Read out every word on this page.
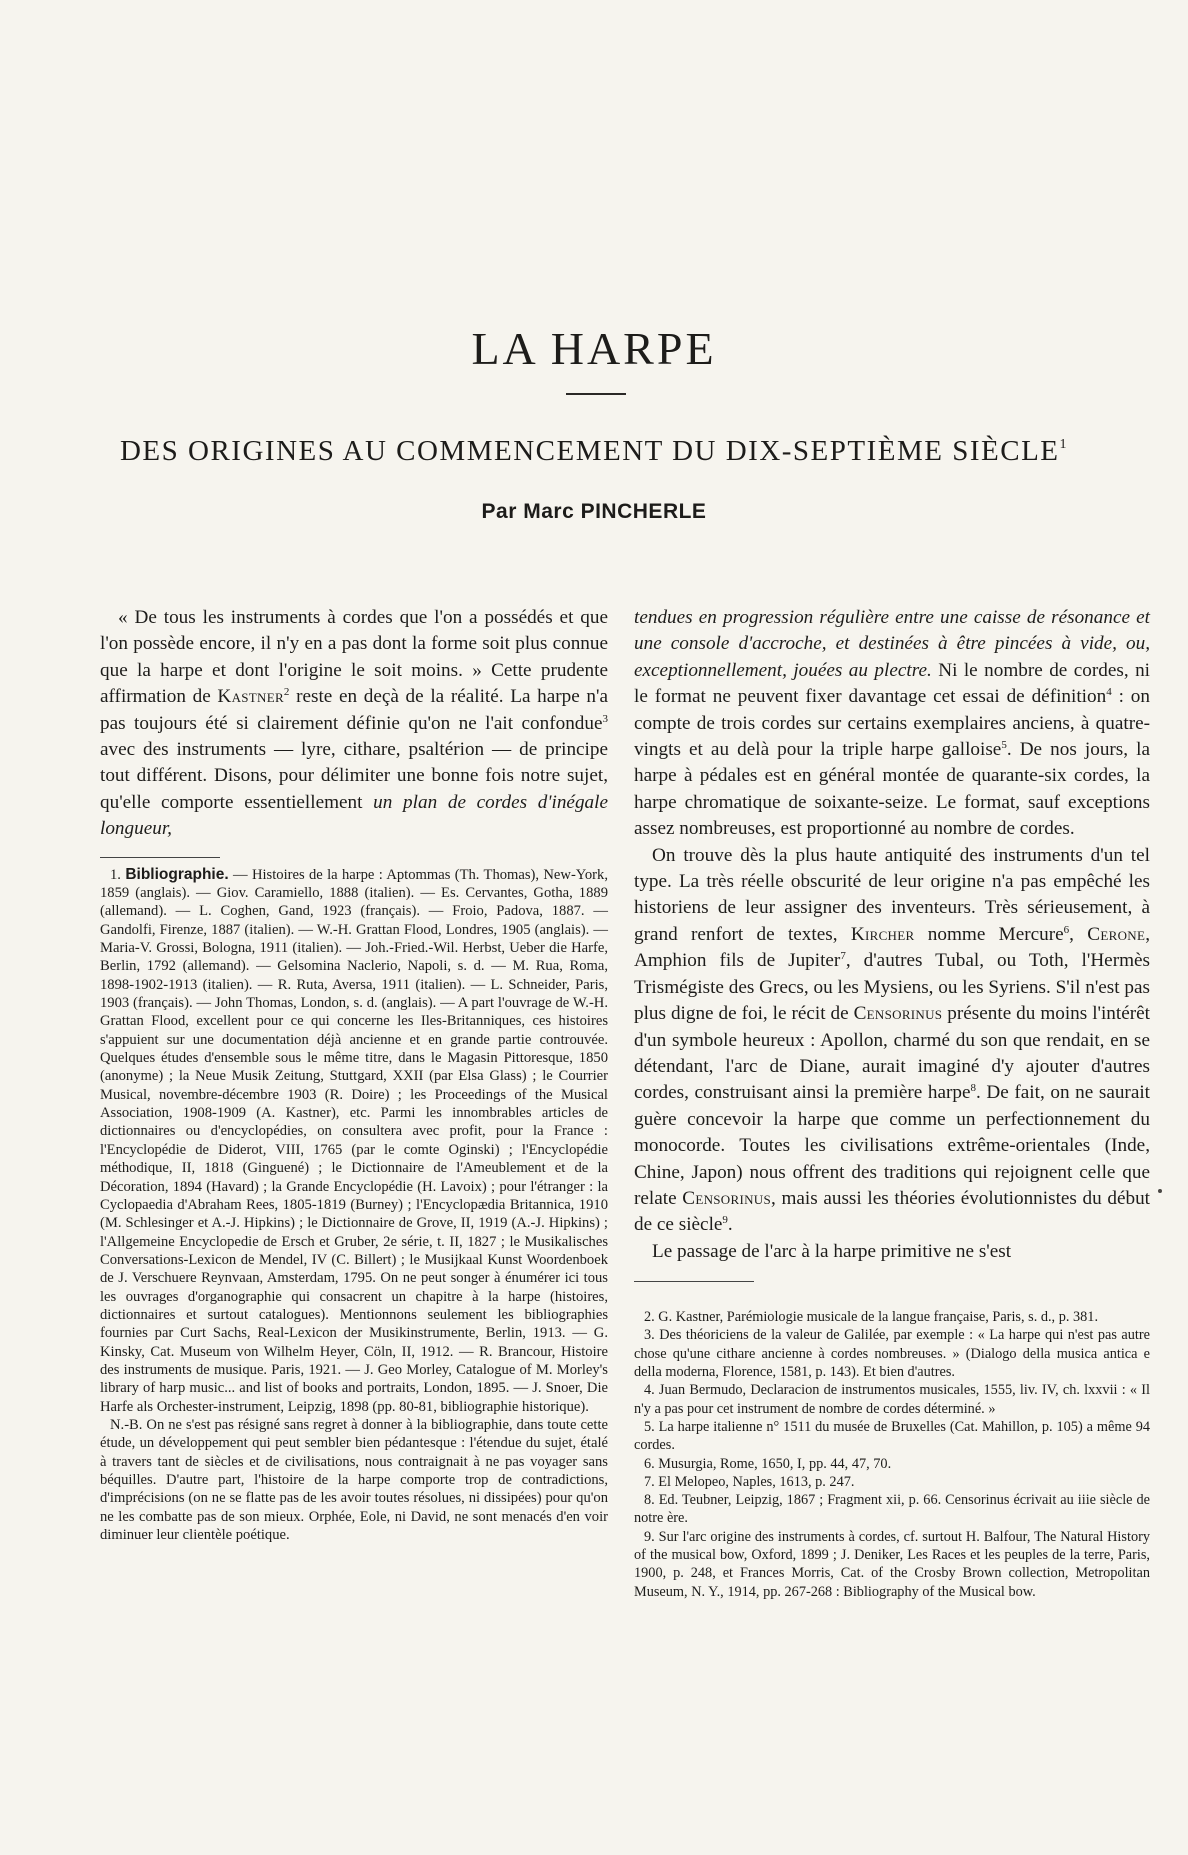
LA HARPE
DES ORIGINES AU COMMENCEMENT DU DIX-SEPTIÈME SIÈCLE$^1$
Par Marc PINCHERLE

« De tous les instruments à cordes que l'on a possédés et que l'on possède encore, il n'y en a pas dont la forme soit plus connue que la harpe et dont l'origine le soit moins. » Cette prudente affirmation de Kastner$^2$ reste en deçà de la réalité. La harpe n'a pas toujours été si clairement définie qu'on ne l'ait confondue$^3$ avec des instruments — lyre, cithare, psaltérion — de principe tout différent. Disons, pour délimiter une bonne fois notre sujet, qu'elle comporte essentiellement un plan de cordes d'inégale longueur,

1. Bibliographie. — Histoires de la harpe : Aptommas (Th. Thomas), New-York, 1859 (anglais). — Giov. Caramiello, 1888 (italien). — Es. Cervantes, Gotha, 1889 (allemand). — L. Coghen, Gand, 1923 (français). — Froio, Padova, 1887. — Gandolfi, Firenze, 1887 (italien). — W.-H. Grattan Flood, Londres, 1905 (anglais). — Maria-V. Grossi, Bologna, 1911 (italien). — Joh.-Fried.-Wil. Herbst, Ueber die Harfe, Berlin, 1792 (allemand). — Gelsomina Naclerio, Napoli, s. d. — M. Rua, Roma, 1898-1902-1913 (italien). — R. Ruta, Aversa, 1911 (italien). — L. Schneider, Paris, 1903 (français). — John Thomas, London, s. d. (anglais). — A part l'ouvrage de W.-H. Grattan Flood, excellent pour ce qui concerne les Iles-Britanniques, ces histoires s'appuient sur une documentation déjà ancienne et en grande partie controuvée. Quelques études d'ensemble sous le même titre, dans le Magasin Pittoresque, 1850 (anonyme) ; la Neue Musik Zeitung, Stuttgard, XXII (par Elsa Glass) ; le Courrier Musical, novembre-décembre 1903 (R. Doire) ; les Proceedings of the Musical Association, 1908-1909 (A. Kastner), etc. Parmi les innombrables articles de dictionnaires ou d'encyclopédies, on consultera avec profit, pour la France : l'Encyclopédie de Diderot, VIII, 1765 (par le comte Oginski) ; l'Encyclopédie méthodique, II, 1818 (Ginguené) ; le Dictionnaire de l'Ameublement et de la Décoration, 1894 (Havard) ; la Grande Encyclopédie (H. Lavoix) ; pour l'étranger : la Cyclopaedia d'Abraham Rees, 1805-1819 (Burney) ; l'Encyclopædia Britannica, 1910 (M. Schlesinger et A.-J. Hipkins) ; le Dictionnaire de Grove, II, 1919 (A.-J. Hipkins) ; l'Allgemeine Encyclopedie de Ersch et Gruber, 2e série, t. II, 1827 ; le Musikalisches Conversations-Lexicon de Mendel, IV (C. Billert) ; le Musijkaal Kunst Woordenboek de J. Verschuere Reynvaan, Amsterdam, 1795. On ne peut songer à énumérer ici tous les ouvrages d'organographie qui consacrent un chapitre à la harpe (histoires, dictionnaires et surtout catalogues). Mentionnons seulement les bibliographies fournies par Curt Sachs, Real-Lexicon der Musikinstrumente, Berlin, 1913. — G. Kinsky, Cat. Museum von Wilhelm Heyer, Cöln, II, 1912. — R. Brancour, Histoire des instruments de musique. Paris, 1921. — J. Geo Morley, Catalogue of M. Morley's library of harp music... and list of books and portraits, London, 1895. — J. Snoer, Die Harfe als Orchester-instrument, Leipzig, 1898 (pp. 80-81, bibliographie historique).

N.-B. On ne s'est pas résigné sans regret à donner à la bibliographie, dans toute cette étude, un développement qui peut sembler bien pédantesque : l'étendue du sujet, étalé à travers tant de siècles et de civilisations, nous contraignait à ne pas voyager sans béquilles. D'autre part, l'histoire de la harpe comporte trop de contradictions, d'imprécisions (on ne se flatte pas de les avoir toutes résolues, ni dissipées) pour qu'on ne les combatte pas de son mieux. Orphée, Eole, ni David, ne sont menacés d'en voir diminuer leur clientèle poétique.

tendues en progression régulière entre une caisse de résonance et une console d'accroche, et destinées à être pincées à vide, ou, exceptionnellement, jouées au plectre. Ni le nombre de cordes, ni le format ne peuvent fixer davantage cet essai de définition$^4$ : on compte de trois cordes sur certains exemplaires anciens, à quatre-vingts et au delà pour la triple harpe galloise$^5$. De nos jours, la harpe à pédales est en général montée de quarante-six cordes, la harpe chromatique de soixante-seize. Le format, sauf exceptions assez nombreuses, est proportionné au nombre de cordes.

On trouve dès la plus haute antiquité des instruments d'un tel type. La très réelle obscurité de leur origine n'a pas empêché les historiens de leur assigner des inventeurs. Très sérieusement, à grand renfort de textes, Kircher nomme Mercure$^6$, Cerone, Amphion fils de Jupiter$^7$, d'autres Tubal, ou Toth, l'Hermès Trismégiste des Grecs, ou les Mysiens, ou les Syriens. S'il n'est pas plus digne de foi, le récit de Censorinus présente du moins l'intérêt d'un symbole heureux : Apollon, charmé du son que rendait, en se détendant, l'arc de Diane, aurait imaginé d'y ajouter d'autres cordes, construisant ainsi la première harpe$^8$. De fait, on ne saurait guère concevoir la harpe que comme un perfectionnement du monocorde. Toutes les civilisations extrême-orientales (Inde, Chine, Japon) nous offrent des traditions qui rejoignent celle que relate Censorinus, mais aussi les théories évolutionnistes du début de ce siècle$^9$.

Le passage de l'arc à la harpe primitive ne s'est

2. G. Kastner, Parémiologie musicale de la langue française, Paris, s. d., p. 381.

3. Des théoriciens de la valeur de Galilée, par exemple : « La harpe qui n'est pas autre chose qu'une cithare ancienne à cordes nombreuses. » (Dialogo della musica antica e della moderna, Florence, 1581, p. 143). Et bien d'autres.

4. Juan Bermudo, Declaracion de instrumentos musicales, 1555, liv. IV, ch. lxxvii : « Il n'y a pas pour cet instrument de nombre de cordes déterminé. »

5. La harpe italienne n° 1511 du musée de Bruxelles (Cat. Mahillon, p. 105) a même 94 cordes.

6. Musurgia, Rome, 1650, I, pp. 44, 47, 70.

7. El Melopeo, Naples, 1613, p. 247.

8. Ed. Teubner, Leipzig, 1867 ; Fragment xii, p. 66. Censorinus écrivait au iiie siècle de notre ère.

9. Sur l'arc origine des instruments à cordes, cf. surtout H. Balfour, The Natural History of the musical bow, Oxford, 1899 ; J. Deniker, Les Races et les peuples de la terre, Paris, 1900, p. 248, et Frances Morris, Cat. of the Crosby Brown collection, Metropolitan Museum, N. Y., 1914, pp. 267-268 : Bibliography of the Musical bow.
